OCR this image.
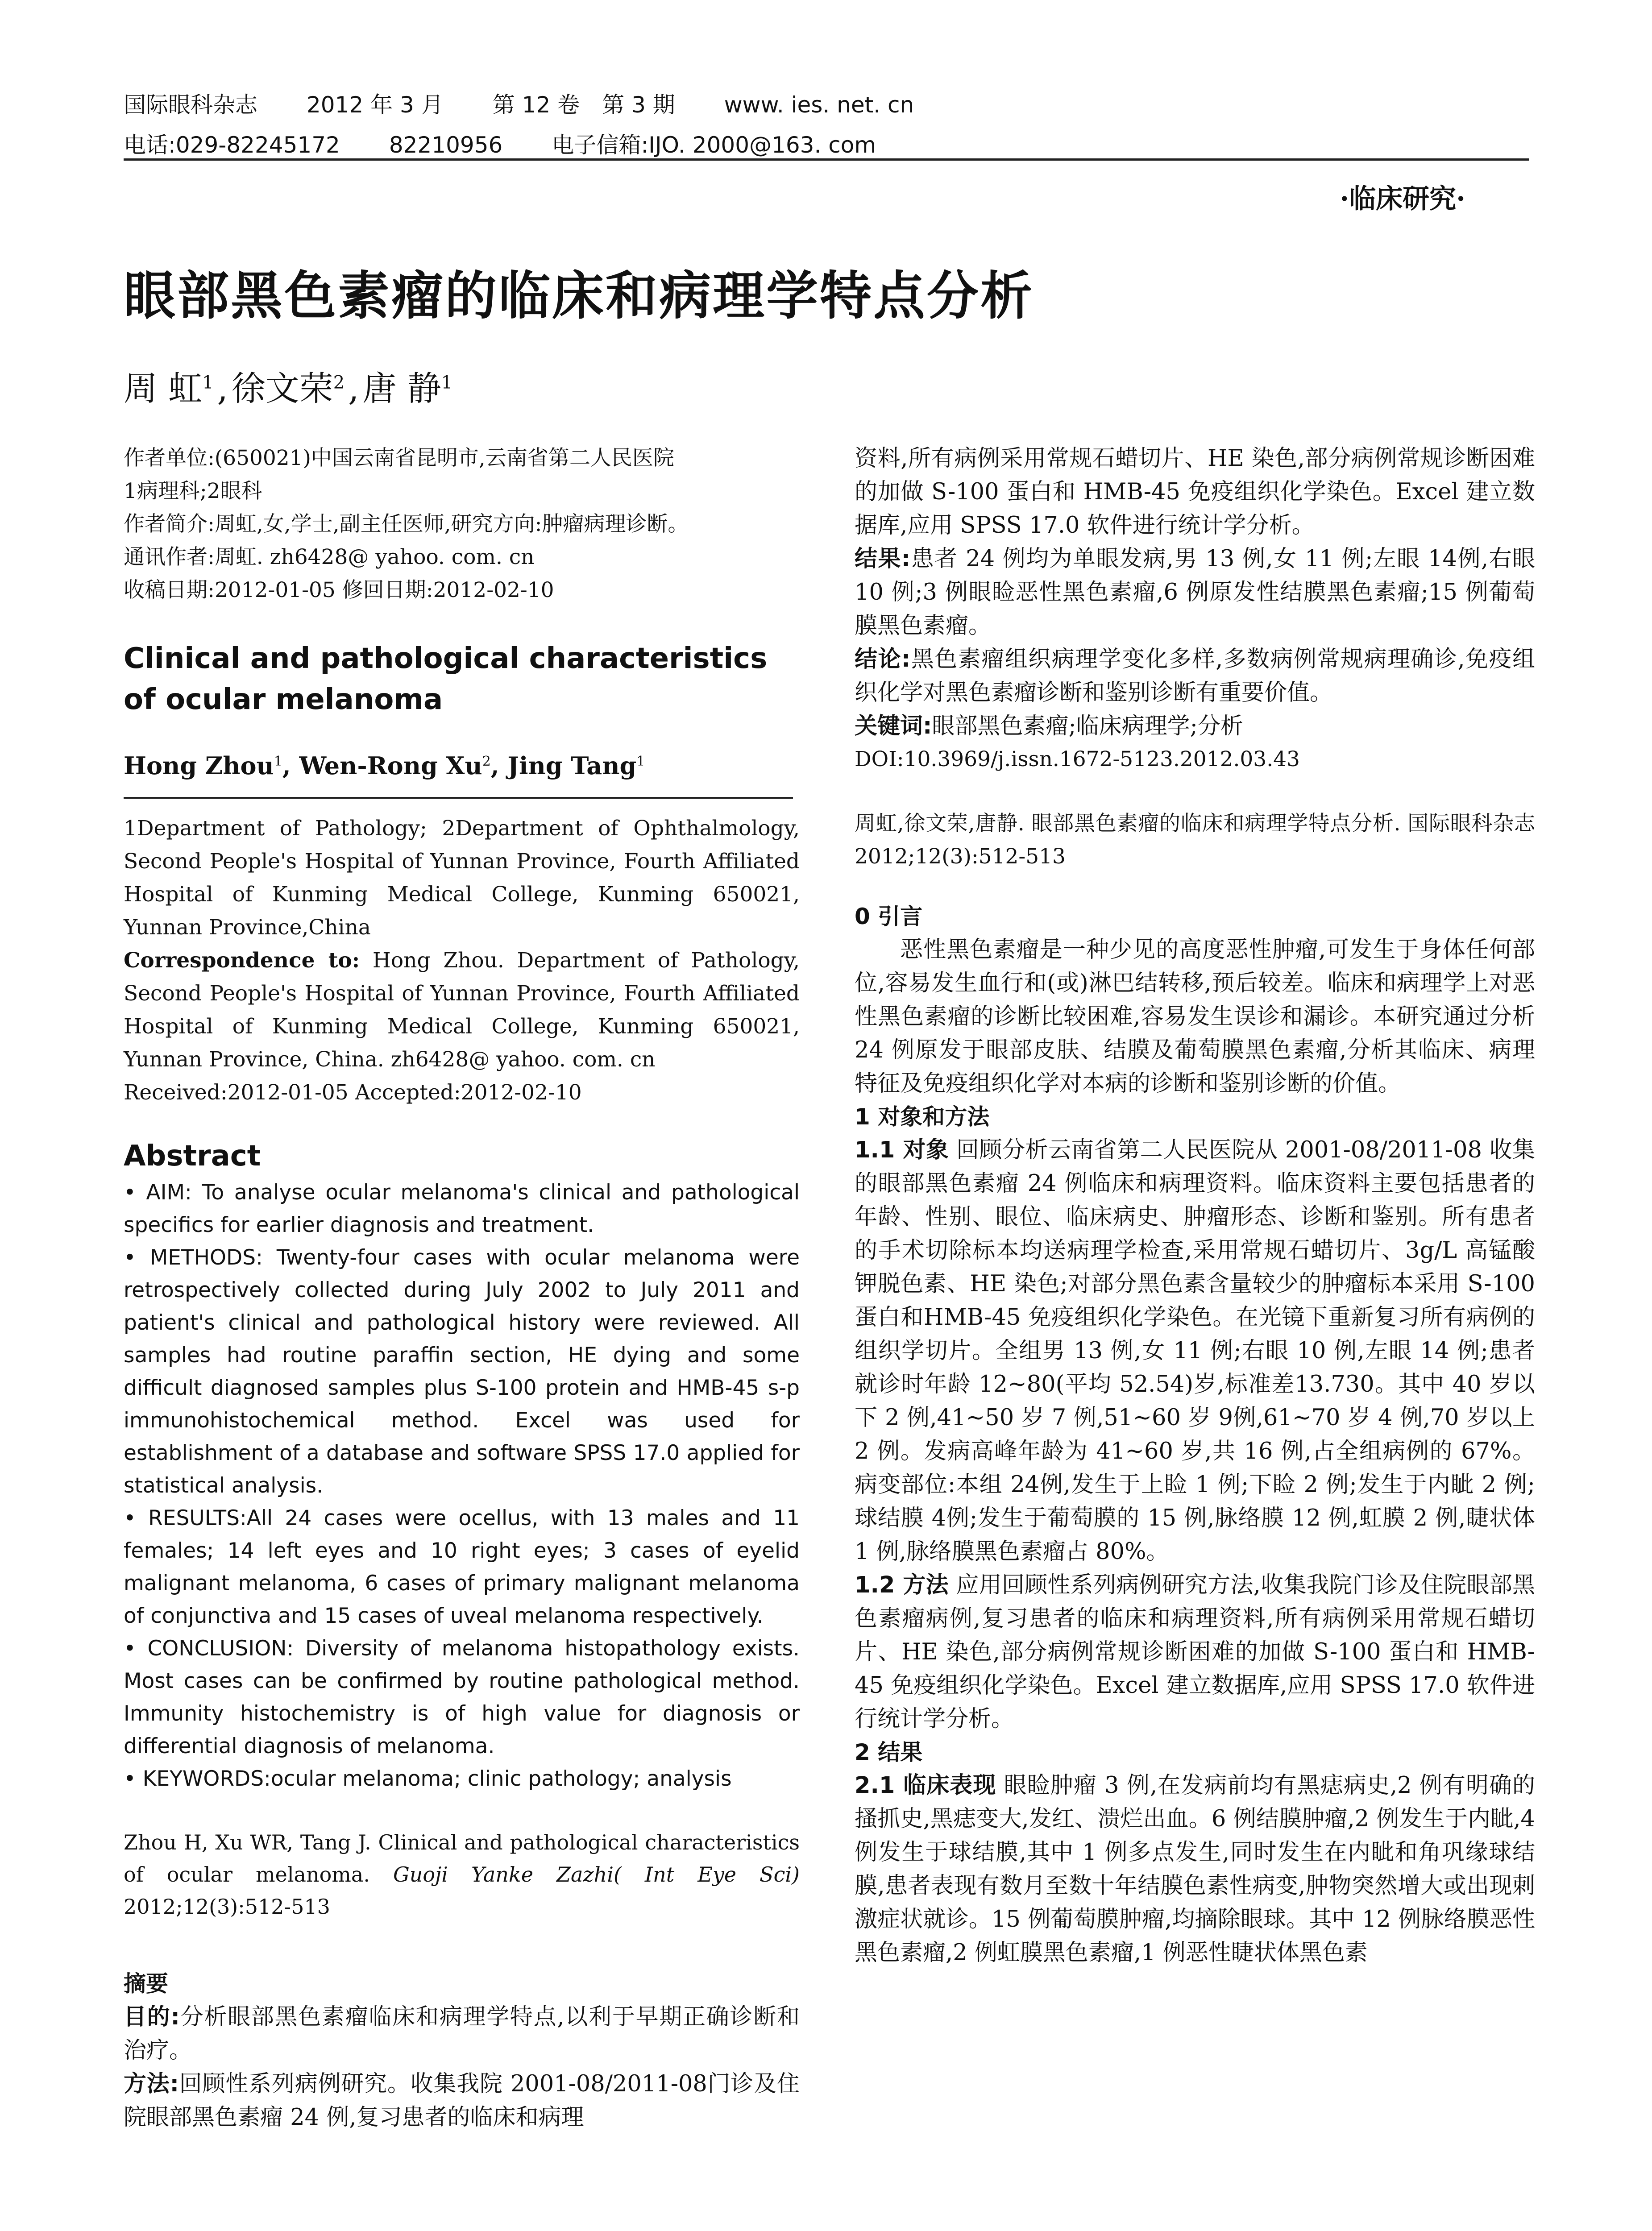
国际眼科杂志 2012 年 3 月 第 12 卷 第 3 期 www. ies. net. cn
电话:029-82245172 82210956 电子信箱:IJO. 2000@163. com
·临床研究·
眼部黑色素瘤的临床和病理学特点分析
周 虹$^1$ , 徐文荣$^2$ , 唐 静$^1$

作者单位:(650021)中国云南省昆明市,云南省第二人民医院

1病理科;2眼科

作者简介:周虹,女,学士,副主任医师,研究方向:肿瘤病理诊断。

通讯作者:周虹. zh6428@ yahoo. com. cn

收稿日期:2012-01-05 修回日期:2012-02-10

Clinical and pathological characteristics of ocular melanoma

Hong Zhou$^1$, Wen-Rong Xu$^2$, Jing Tang$^1$

1Department of Pathology; 2Department of Ophthalmology, Second People's Hospital of Yunnan Province, Fourth Affiliated Hospital of Kunming Medical College, Kunming 650021, Yunnan Province,China

Correspondence to: Hong Zhou. Department of Pathology, Second People's Hospital of Yunnan Province, Fourth Affiliated Hospital of Kunming Medical College, Kunming 650021, Yunnan Province, China. zh6428@ yahoo. com. cn

Received:2012-01-05 Accepted:2012-02-10

Abstract

• AIM: To analyse ocular melanoma's clinical and pathological specifics for earlier diagnosis and treatment.

• METHODS: Twenty-four cases with ocular melanoma were retrospectively collected during July 2002 to July 2011 and patient's clinical and pathological history were reviewed. All samples had routine paraffin section, HE dying and some difficult diagnosed samples plus S-100 protein and HMB-45 s-p immunohistochemical method. Excel was used for establishment of a database and software SPSS 17.0 applied for statistical analysis.

• RESULTS:All 24 cases were ocellus, with 13 males and 11 females; 14 left eyes and 10 right eyes; 3 cases of eyelid malignant melanoma, 6 cases of primary malignant melanoma of conjunctiva and 15 cases of uveal melanoma respectively.

• CONCLUSION: Diversity of melanoma histopathology exists. Most cases can be confirmed by routine pathological method. Immunity histochemistry is of high value for diagnosis or differential diagnosis of melanoma.

• KEYWORDS:ocular melanoma; clinic pathology; analysis

Zhou H, Xu WR, Tang J. Clinical and pathological characteristics of ocular melanoma. Guoji Yanke Zazhi( Int Eye Sci) 2012;12(3):512-513

摘要

目的:分析眼部黑色素瘤临床和病理学特点,以利于早期正确诊断和治疗。

方法:回顾性系列病例研究。收集我院 2001-08/2011-08门诊及住院眼部黑色素瘤 24 例,复习患者的临床和病理

资料,所有病例采用常规石蜡切片、HE 染色,部分病例常规诊断困难的加做 S-100 蛋白和 HMB-45 免疫组织化学染色。Excel 建立数据库,应用 SPSS 17.0 软件进行统计学分析。

结果:患者 24 例均为单眼发病,男 13 例,女 11 例;左眼 14例,右眼 10 例;3 例眼睑恶性黑色素瘤,6 例原发性结膜黑色素瘤;15 例葡萄膜黑色素瘤。

结论:黑色素瘤组织病理学变化多样,多数病例常规病理确诊,免疫组织化学对黑色素瘤诊断和鉴别诊断有重要价值。

关键词:眼部黑色素瘤;临床病理学;分析

DOI:10.3969/j.issn.1672-5123.2012.03.43

周虹,徐文荣,唐静. 眼部黑色素瘤的临床和病理学特点分析. 国际眼科杂志 2012;12(3):512-513

0 引言

恶性黑色素瘤是一种少见的高度恶性肿瘤,可发生于身体任何部位,容易发生血行和(或)淋巴结转移,预后较差。临床和病理学上对恶性黑色素瘤的诊断比较困难,容易发生误诊和漏诊。本研究通过分析 24 例原发于眼部皮肤、结膜及葡萄膜黑色素瘤,分析其临床、病理特征及免疫组织化学对本病的诊断和鉴别诊断的价值。

1 对象和方法

1.1 对象 回顾分析云南省第二人民医院从 2001-08/2011-08 收集的眼部黑色素瘤 24 例临床和病理资料。临床资料主要包括患者的年龄、性别、眼位、临床病史、肿瘤形态、诊断和鉴别。所有患者的手术切除标本均送病理学检查,采用常规石蜡切片、3g/L 高锰酸钾脱色素、HE 染色;对部分黑色素含量较少的肿瘤标本采用 S-100 蛋白和HMB-45 免疫组织化学染色。在光镜下重新复习所有病例的组织学切片。全组男 13 例,女 11 例;右眼 10 例,左眼 14 例;患者就诊时年龄 12~80(平均 52.54)岁,标准差13.730。其中 40 岁以下 2 例,41~50 岁 7 例,51~60 岁 9例,61~70 岁 4 例,70 岁以上 2 例。发病高峰年龄为 41~60 岁,共 16 例,占全组病例的 67%。病变部位:本组 24例,发生于上睑 1 例;下睑 2 例;发生于内眦 2 例;球结膜 4例;发生于葡萄膜的 15 例,脉络膜 12 例,虹膜 2 例,睫状体 1 例,脉络膜黑色素瘤占 80%。

1.2 方法 应用回顾性系列病例研究方法,收集我院门诊及住院眼部黑色素瘤病例,复习患者的临床和病理资料,所有病例采用常规石蜡切片、HE 染色,部分病例常规诊断困难的加做 S-100 蛋白和 HMB-45 免疫组织化学染色。Excel 建立数据库,应用 SPSS 17.0 软件进行统计学分析。

2 结果

2.1 临床表现 眼睑肿瘤 3 例,在发病前均有黑痣病史,2 例有明确的搔抓史,黑痣变大,发红、溃烂出血。6 例结膜肿瘤,2 例发生于内眦,4 例发生于球结膜,其中 1 例多点发生,同时发生在内眦和角巩缘球结膜,患者表现有数月至数十年结膜色素性病变,肿物突然增大或出现刺激症状就诊。15 例葡萄膜肿瘤,均摘除眼球。其中 12 例脉络膜恶性黑色素瘤,2 例虹膜黑色素瘤,1 例恶性睫状体黑色素
